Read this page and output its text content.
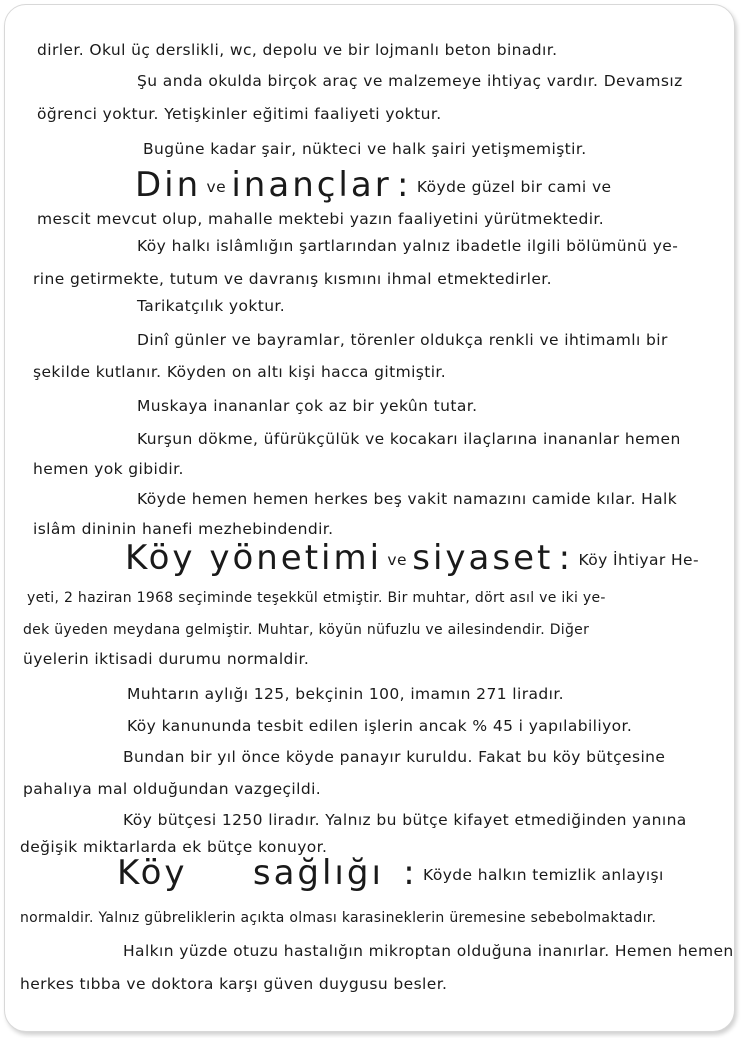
dirler. Okul üç derslikli, wc, depolu ve bir lojmanlı beton binadır.
Şu anda okulda birçok araç ve malzemeye ihtiyaç vardır. Devamsız
öğrenci yoktur. Yetişkinler eğitimi faaliyeti yoktur.
Bugüne kadar şair, nükteci ve halk şairi yetişmemiştir.
Din ve inançlar : Köyde güzel bir cami ve
mescit mevcut olup, mahalle mektebi yazın faaliyetini yürütmektedir.
Köy halkı islâmlığın şartlarından yalnız ibadetle ilgili bölümünü ye-
rine getirmekte, tutum ve davranış kısmını ihmal etmektedirler.
Tarikatçılık yoktur.
Dinî günler ve bayramlar, törenler oldukça renkli ve ihtimamlı bir
şekilde kutlanır. Köyden on altı kişi hacca gitmiştir.
Muskaya inananlar çok az bir yekûn tutar.
Kurşun dökme, üfürükçülük ve kocakarı ilaçlarına inananlar hemen
hemen yok gibidir.
Köyde hemen hemen herkes beş vakit namazını camide kılar. Halk
islâm dininin hanefi mezhebindendir.
Köy yönetimi ve siyaset : Köy İhtiyar He-
yeti, 2 haziran 1968 seçiminde teşekkül etmiştir. Bir muhtar, dört asıl ve iki ye-
dek üyeden meydana gelmiştir. Muhtar, köyün nüfuzlu ve ailesindendir. Diğer
üyelerin iktisadi durumu normaldir.
Muhtarın aylığı 125, bekçinin 100, imamın 271 liradır.
Köy kanununda tesbit edilen işlerin ancak % 45 i yapılabiliyor.
Bundan bir yıl önce köyde panayır kuruldu. Fakat bu köy bütçesine
pahalıya mal olduğundan vazgeçildi.
Köy bütçesi 1250 liradır. Yalnız bu bütçe kifayet etmediğinden yanına
değişik miktarlarda ek bütçe konuyor.
Köy sağlığı : Köyde halkın temizlik anlayışı
normaldir. Yalnız gübreliklerin açıkta olması karasineklerin üremesine sebebolmaktadır.
Halkın yüzde otuzu hastalığın mikroptan olduğuna inanırlar. Hemen hemen
herkes tıbba ve doktora karşı güven duygusu besler.
